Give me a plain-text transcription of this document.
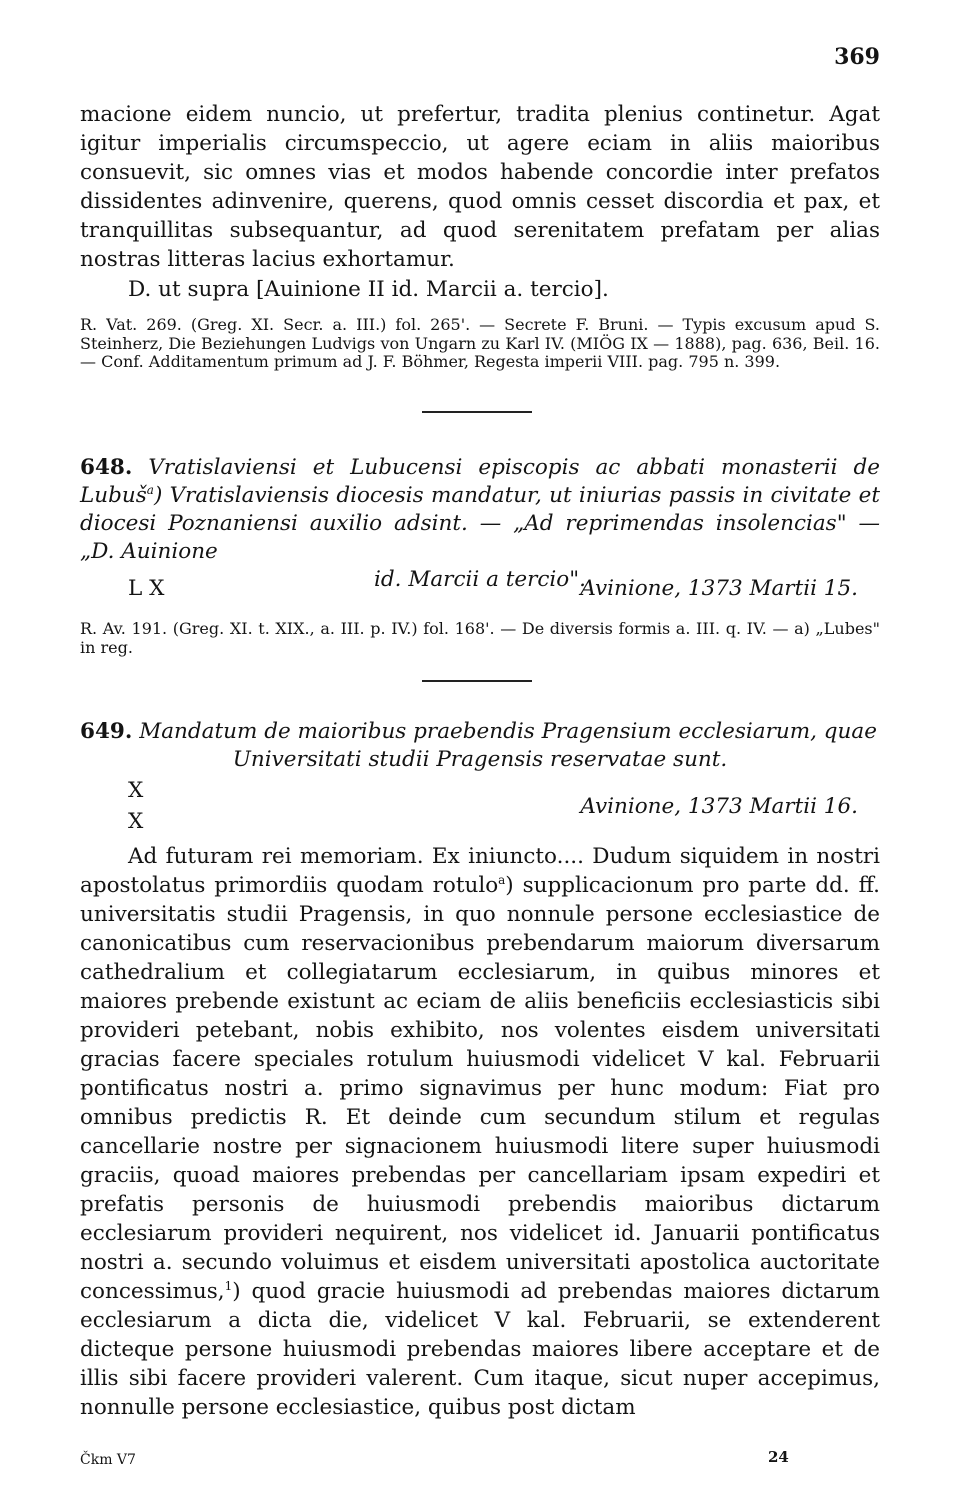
369
macione eidem nuncio, ut prefertur, tradita plenius continetur. Agat igitur imperialis circumspeccio, ut agere eciam in aliis maioribus consuevit, sic omnes vias et modos habende concordie inter prefatos dissidentes adinvenire, querens, quod omnis cesset discordia et pax, et tranquillitas subsequantur, ad quod serenitatem prefatam per alias nostras litteras lacius exhortamur.
D. ut supra [Auinione II id. Marcii a. tercio].
R. Vat. 269. (Greg. XI. Secr. a. III.) fol. 265'. — Secrete F. Bruni. — Typis excusum apud S. Steinherz, Die Beziehungen Ludvigs von Ungarn zu Karl IV. (MIÖG IX — 1888), pag. 636, Beil. 16. — Conf. Additamentum primum ad J. F. Böhmer, Regesta imperii VIII. pag. 795 n. 399.
648. Vratislaviensi et Lubucensi episcopis ac abbati monasterii de Lubuš$^a$) Vratislaviensis diocesis mandatur, ut iniurias passis in civitate et diocesi Poznaniensi auxilio adsint. — „Ad reprimendas insolencias" — „D. Auinione
id. Marcii a tercio".
L X	Avinione, 1373 Martii 15.
R. Av. 191. (Greg. XI. t. XIX., a. III. p. IV.) fol. 168'. — De diversis formis a. III. q. IV. — a) „Lubes" in reg.
649. Mandatum de maioribus praebendis Pragensium ecclesiarum, quae
Universitati studii Pragensis reservatae sunt.
X
X
Avinione, 1373 Martii 16.
Ad futuram rei memoriam. Ex iniuncto.... Dudum siquidem in nostri apostolatus primordiis quodam rotulo$^a$) supplicacionum pro parte dd. ff. universitatis studii Pragensis, in quo nonnule persone ecclesiastice de canonicatibus cum reservacionibus prebendarum maiorum diversarum cathedralium et collegiatarum ecclesiarum, in quibus minores et maiores prebende existunt ac eciam de aliis beneficiis ecclesiasticis sibi provideri petebant, nobis exhibito, nos volentes eisdem universitati gracias facere speciales rotulum huiusmodi videlicet V kal. Februarii pontificatus nostri a. primo signavimus per hunc modum: Fiat pro omnibus predictis R. Et deinde cum secundum stilum et regulas cancellarie nostre per signacionem huiusmodi litere super huiusmodi graciis, quoad maiores prebendas per cancellariam ipsam expediri et prefatis personis de huiusmodi prebendis maioribus dictarum ecclesiarum provideri nequirent, nos videlicet id. Januarii pontificatus nostri a. secundo voluimus et eisdem universitati apostolica auctoritate concessimus,$^1$) quod gracie huiusmodi ad prebendas maiores dictarum ecclesiarum a dicta die, videlicet V kal. Februarii, se extenderent dicteque persone huiusmodi prebendas maiores libere acceptare et de illis sibi facere provideri valerent. Cum itaque, sicut nuper accepimus, nonnulle persone ecclesiastice, quibus post dictam
Čkm V7	24
